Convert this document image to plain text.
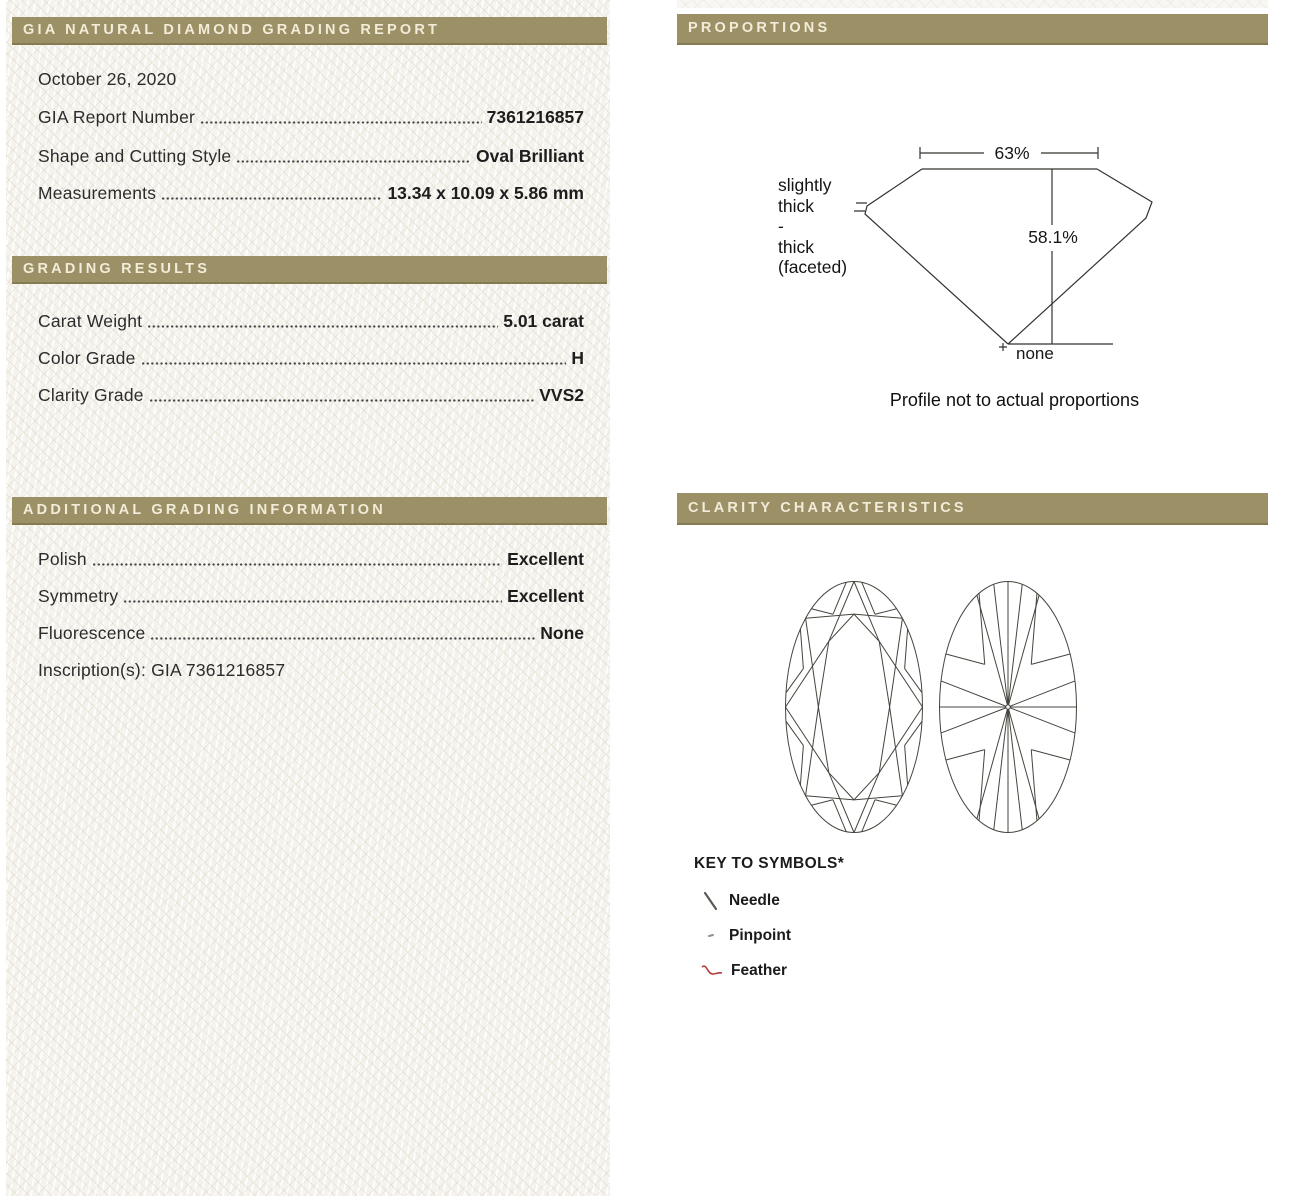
GIA NATURAL DIAMOND GRADING REPORT
October 26, 2020
GIA Report Number	7361216857
Shape and Cutting Style	Oval Brilliant
Measurements	13.34 x 10.09 x 5.86 mm
GRADING RESULTS
Carat Weight	5.01 carat
Color Grade	H
Clarity Grade	VVS2
ADDITIONAL GRADING INFORMATION
Polish	Excellent
Symmetry	Excellent
Fluorescence	None
Inscription(s): GIA 7361216857
PROPORTIONS
63%
58.1%
none
slightly
thick
-
thick
(faceted)
Profile not to actual proportions
CLARITY CHARACTERISTICS
KEY TO SYMBOLS*
Needle
Pinpoint
Feather
